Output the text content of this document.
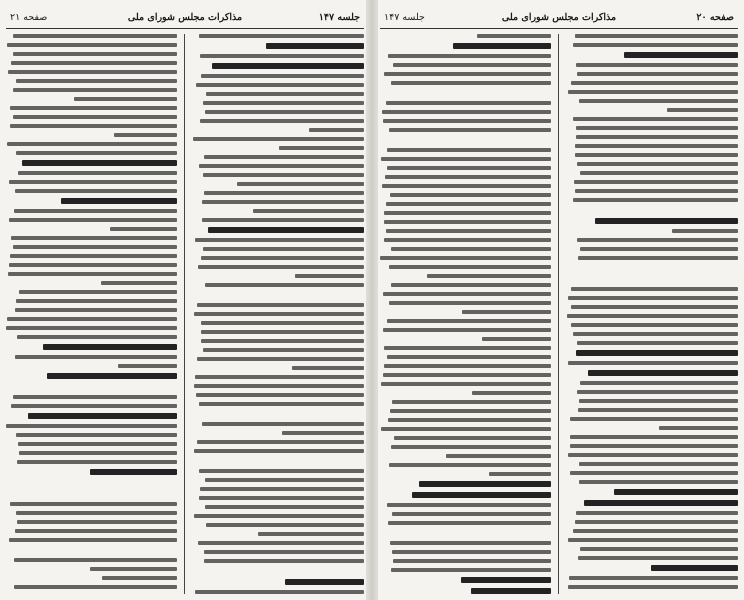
جلسه ۱۴۷
مذاكرات مجلس شوراى ملى
صفحه ۲۱	صفحه ۲۰
مذاكرات مجلس شوراى ملى
جلسه ۱۴۷
